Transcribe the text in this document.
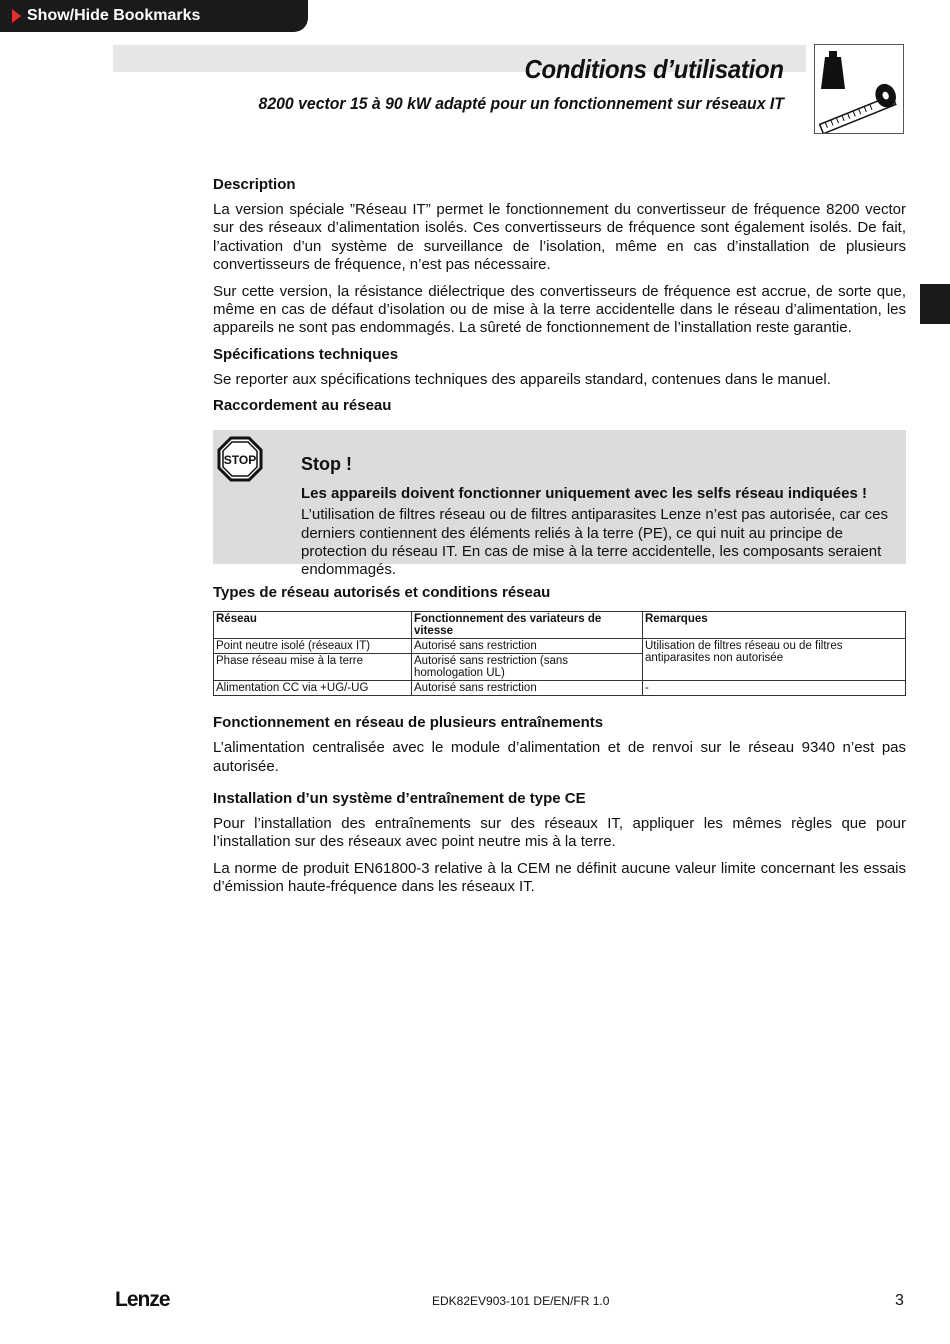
Show/Hide Bookmarks
Conditions d’utilisation
8200 vector 15 à 90 kW adapté pour un fonctionnement sur réseaux IT
Description

La version spéciale ”Réseau IT” permet le fonctionnement du convertisseur de fréquence 8200 vector sur des réseaux d’alimentation isolés. Ces convertisseurs de fréquence sont également isolés. De fait, l’activation d’un système de surveillance de l’isolation, même en cas d’installation de plusieurs convertisseurs de fréquence, n’est pas nécessaire.

Sur cette version, la résistance diélectrique des convertisseurs de fréquence est accrue, de sorte que, même en cas de défaut d’isolation ou de mise à la terre accidentelle dans le réseau d’alimentation, les appareils ne sont pas endommagés. La sûreté de fonctionnement de l’installation reste garantie.

Spécifications techniques

Se reporter aux spécifications techniques des appareils standard, contenues dans le manuel.

Raccordement au réseau
STOP Stop !
Les appareils doivent fonctionner uniquement avec les selfs réseau indiquées !

L’utilisation de filtres réseau ou de filtres antiparasites Lenze n’est pas autorisée, car ces derniers contiennent des éléments reliés à la terre (PE), ce qui nuit au principe de protection du réseau IT. En cas de mise à la terre accidentelle, les composants seraient endommagés.

Types de réseau autorisés et conditions réseau
Réseau	Fonctionnement des variateurs de vitesse	Remarques
Point neutre isolé (réseaux IT)	Autorisé sans restriction	Utilisation de filtres réseau ou de filtres antiparasites non autorisée
Phase réseau mise à la terre	Autorisé sans restriction (sans homologation UL)	
Alimentation CC via +UG/-UG	Autorisé sans restriction	-
Fonctionnement en réseau de plusieurs entraînements

L’alimentation centralisée avec le module d’alimentation et de renvoi sur le réseau 9340 n’est pas autorisée.

Installation d’un système d’entraînement de type CE

Pour l’installation des entraînements sur des réseaux IT, appliquer les mêmes règles que pour l’installation sur des réseaux avec point neutre mis à la terre.

La norme de produit EN61800-3 relative à la CEM ne définit aucune valeur limite concernant les essais d’émission haute-fréquence dans les réseaux IT.

Lenze	EDK82EV903-101 DE/EN/FR 1.0	3
